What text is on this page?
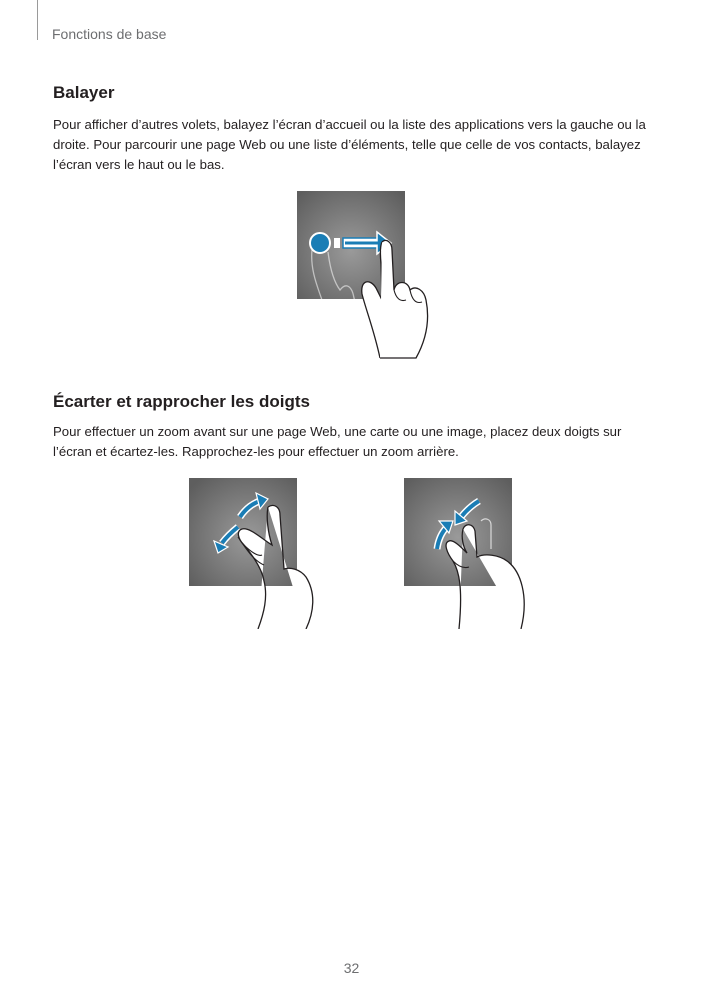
Fonctions de base
Balayer

Pour afficher d’autres volets, balayez l’écran d’accueil ou la liste des applications vers la gauche ou la
droite. Pour parcourir une page Web ou une liste d’éléments, telle que celle de vos contacts, balayez
l’écran vers le haut ou le bas.

Écarter et rapprocher les doigts

Pour effectuer un zoom avant sur une page Web, une carte ou une image, placez deux doigts sur
l’écran et écartez-les. Rapprochez-les pour effectuer un zoom arrière.

32
